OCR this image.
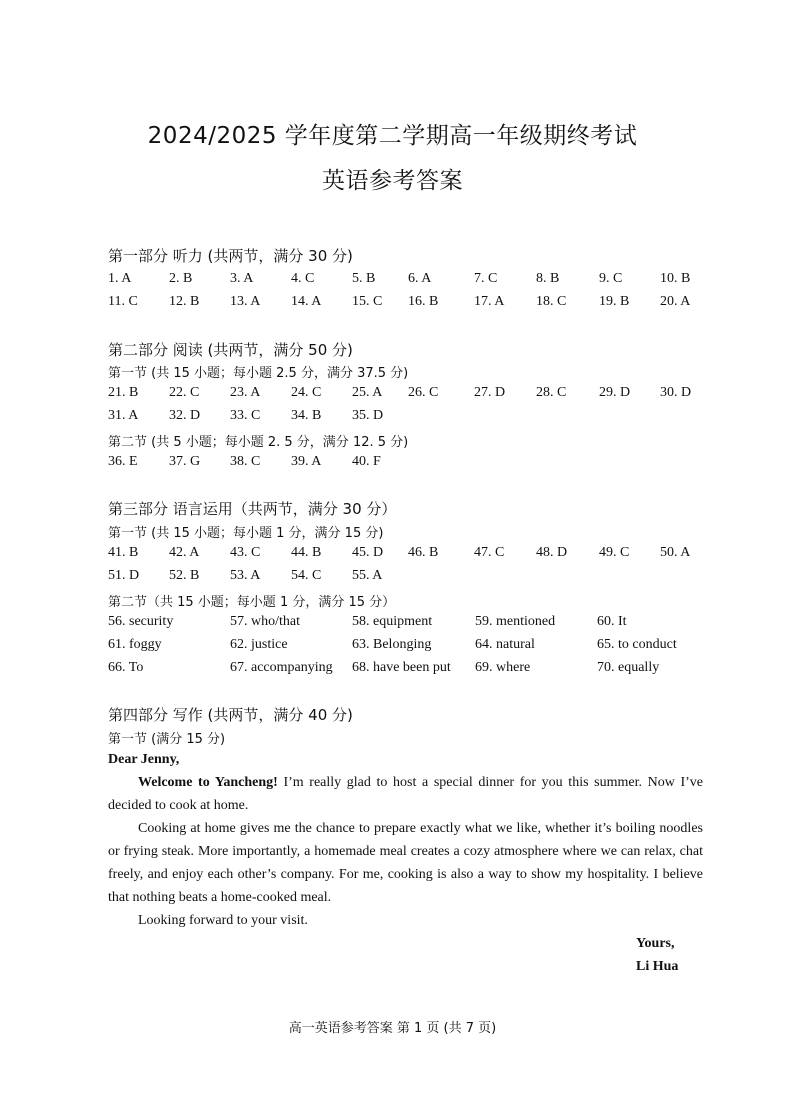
2024/2025 学年度第二学期高一年级期终考试
英语参考答案
第一部分 听力 (共两节，满分 30 分)
1. A	2. B	3. A	4. C	5. B 6. A	7. C	8. B	9. C	10. B
11. C 12. B 13. A 14. A 15. C 16. B	17. A 18. C 19. B 20. A
第二部分 阅读 (共两节，满分 50 分)
第一节 (共 15 小题；每小题 2.5 分，满分 37.5 分)
21. B 22. C 23. A 24. C 25. A 26. C	27. D 28. C 29. D 30. D
31. A 32. D 33. C 34. B 35. D
第二节 (共 5 小题；每小题 2. 5 分，满分 12. 5 分)
36. E 37. G 38. C 39. A 40. F
第三部分 语言运用（共两节，满分 30 分）
第一节 (共 15 小题；每小题 1 分，满分 15 分)
41. B 42. A 43. C 44. B 45. D 46. B	47. C 48. D 49. C 50. A
51. D 52. B 53. A 54. C 55. A
第二节（共 15 小题；每小题 1 分，满分 15 分）
56. security	57. who/that	58. equipment	59. mentioned	60. It
61. foggy	62. justice	63. Belonging	64. natural	65. to conduct
66. To	67. accompanying 68. have been put 69. where	70. equally
第四部分 写作 (共两节，满分 40 分)
第一节 (满分 15 分)
Dear Jenny,
Welcome to Yancheng! I’m really glad to host a special dinner for you this summer. Now I’ve decided to cook at home.
Cooking at home gives me the chance to prepare exactly what we like, whether it’s boiling noodles or frying steak. More importantly, a homemade meal creates a cozy atmosphere where we can relax, chat freely, and enjoy each other’s company. For me, cooking is also a way to show my hospitality. I believe that nothing beats a home-cooked meal.
Looking forward to your visit.
Yours,
Li Hua
高一英语参考答案 第 1 页 (共 7 页)
